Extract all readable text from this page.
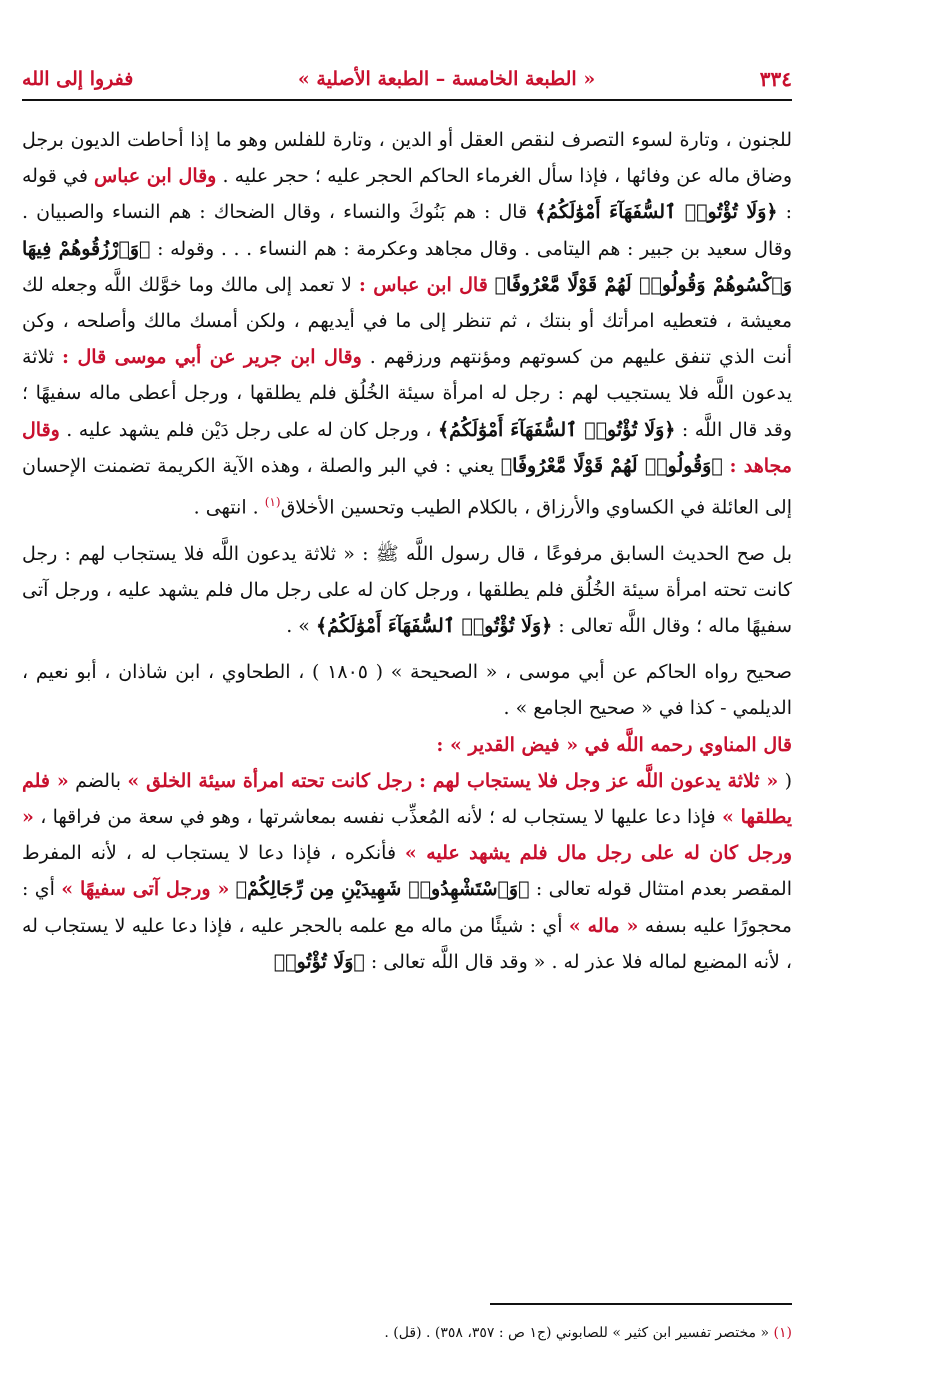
٣٣٤
« الطبعة الخامسة – الطبعة الأصلية »
ففروا إلى الله

للجنون ، وتارة لسوء التصرف لنقص العقل أو الدين ، وتارة للفلس وهو ما إذا أحاطت الديون برجل وضاق ماله عن وفائها ، فإذا سأل الغرماء الحاكم الحجر عليه ؛ حجر عليه . وقال ابن عباس في قوله : ﴿وَلَا تُؤْتُوا۟ ٱلسُّفَهَآءَ أَمْوَٰلَكُمُ﴾ قال : هم بَنُوكَ والنساء ، وقال الضحاك : هم النساء والصبيان . وقال سعيد بن جبير : هم اليتامى . وقال مجاهد وعكرمة : هم النساء . . . وقوله : ﴿وَٱرْزُقُوهُمْ فِيهَا وَٱكْسُوهُمْ وَقُولُوا۟ لَهُمْ قَوْلًا مَّعْرُوفًا﴾ قال ابن عباس : لا تعمد إلى مالك وما خوَّلك اللَّه وجعله لك معيشة ، فتعطيه امرأتك أو بنتك ، ثم تنظر إلى ما في أيديهم ، ولكن أمسك مالك وأصلحه ، وكن أنت الذي تنفق عليهم من كسوتهم ومؤنتهم ورزقهم . وقال ابن جرير عن أبي موسى قال : ثلاثة يدعون اللَّه فلا يستجيب لهم : رجل له امرأة سيئة الخُلُق فلم يطلقها ، ورجل أعطى ماله سفيهًا ؛ وقد قال اللَّه : ﴿وَلَا تُؤْتُوا۟ ٱلسُّفَهَآءَ أَمْوَٰلَكُمُ﴾ ، ورجل كان له على رجل دَيْن فلم يشهد عليه . وقال مجاهد : ﴿وَقُولُوا۟ لَهُمْ قَوْلًا مَّعْرُوفًا﴾ يعني : في البر والصلة ، وهذه الآية الكريمة تضمنت الإحسان إلى العائلة في الكساوي والأرزاق ، بالكلام الطيب وتحسين الأخلاق$^{(١)}$ . انتهى .

بل صح الحديث السابق مرفوعًا ، قال رسول اللَّه ﷺ : « ثلاثة يدعون اللَّه فلا يستجاب لهم : رجل كانت تحته امرأة سيئة الخُلُق فلم يطلقها ، ورجل كان له على رجل مال فلم يشهد عليه ، ورجل آتى سفيهًا ماله ؛ وقال اللَّه تعالى : ﴿وَلَا تُؤْتُوا۟ ٱلسُّفَهَآءَ أَمْوَٰلَكُمُ﴾ » .

صحيح رواه الحاكم عن أبي موسى ، « الصحيحة » ( ١٨٠٥ ) ، الطحاوي ، ابن شاذان ، أبو نعيم ، الديلمي - كذا في « صحيح الجامع » .

قال المناوي رحمه اللَّه في « فيض القدير » :

( « ثلاثة يدعون اللَّه عز وجل فلا يستجاب لهم : رجل كانت تحته امرأة سيئة الخلق » بالضم « فلم يطلقها » فإذا دعا عليها لا يستجاب له ؛ لأنه المُعذِّب نفسه بمعاشرتها ، وهو في سعة من فراقها ، « ورجل كان له على رجل مال فلم يشهد عليه » فأنكره ، فإذا دعا لا يستجاب له ، لأنه المفرط المقصر بعدم امتثال قوله تعالى : ﴿وَٱسْتَشْهِدُوا۟ شَهِيدَيْنِ مِن رِّجَالِكُمْ﴾ « ورجل آتى سفيهًا » أي : محجورًا عليه بسفه « ماله » أي : شيئًا من ماله مع علمه بالحجر عليه ، فإذا دعا عليه لا يستجاب له ، لأنه المضيع لماله فلا عذر له . « وقد قال اللَّه تعالى : ﴿وَلَا تُؤْتُوا۟

(١) « مختصر تفسير ابن كثير » للصابوني (ج١ ص : ٣٥٧، ٣٥٨) . (قل) .
